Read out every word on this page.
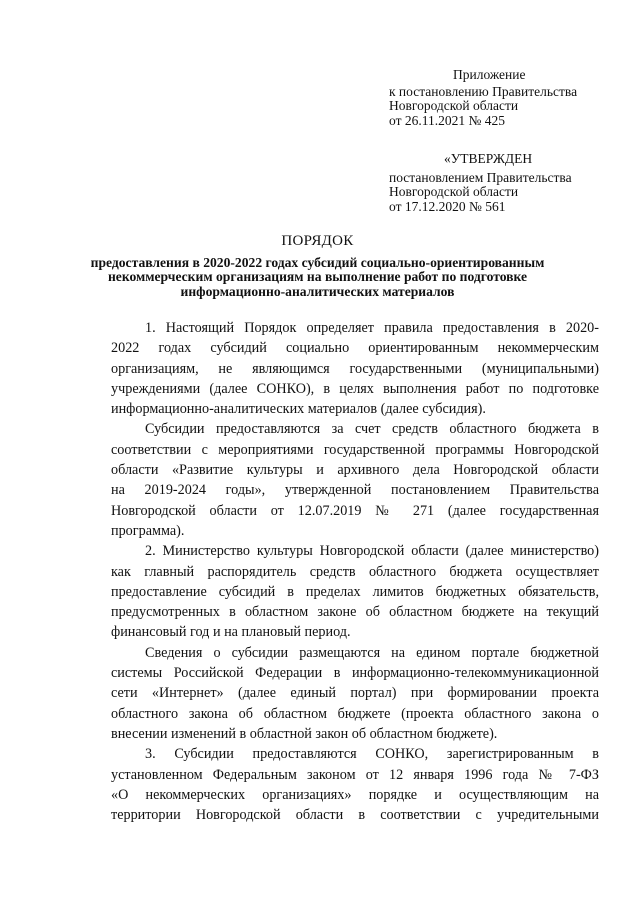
Приложение
к постановлению Правительства
Новгородской области
от 26.11.2021 № 425
«УТВЕРЖДЕН
постановлением Правительства
Новгородской области
от 17.12.2020 № 561
ПОРЯДОК
предоставления в 2020-2022 годах субсидий социально-ориентированным
некоммерческим организациям на выполнение работ по подготовке
информационно-аналитических материалов
1. Настоящий Порядок определяет правила предоставления в 2020-
2022 годах субсидий социально ориентированным некоммерческим
организациям, не являющимся государственными (муниципальными)
учреждениями (далее СОНКО), в целях выполнения работ по подготовке
информационно-аналитических материалов (далее субсидия).
Субсидии предоставляются за счет средств областного бюджета в
соответствии с мероприятиями государственной программы Новгородской
области «Развитие культуры и архивного дела Новгородской области
на 2019-2024 годы», утвержденной постановлением Правительства
Новгородской области от 12.07.2019 № 271 (далее государственная
программа).
2. Министерство культуры Новгородской области (далее министерство)
как главный распорядитель средств областного бюджета осуществляет
предоставление субсидий в пределах лимитов бюджетных обязательств,
предусмотренных в областном законе об областном бюджете на текущий
финансовый год и на плановый период.
Сведения о субсидии размещаются на едином портале бюджетной
системы Российской Федерации в информационно-телекоммуникационной
сети «Интернет» (далее единый портал) при формировании проекта
областного закона об областном бюджете (проекта областного закона о
внесении изменений в областной закон об областном бюджете).
3. Субсидии предоставляются СОНКО, зарегистрированным в
установленном Федеральным законом от 12 января 1996 года № 7-ФЗ
«О некоммерческих организациях» порядке и осуществляющим на
территории Новгородской области в соответствии с учредительными
